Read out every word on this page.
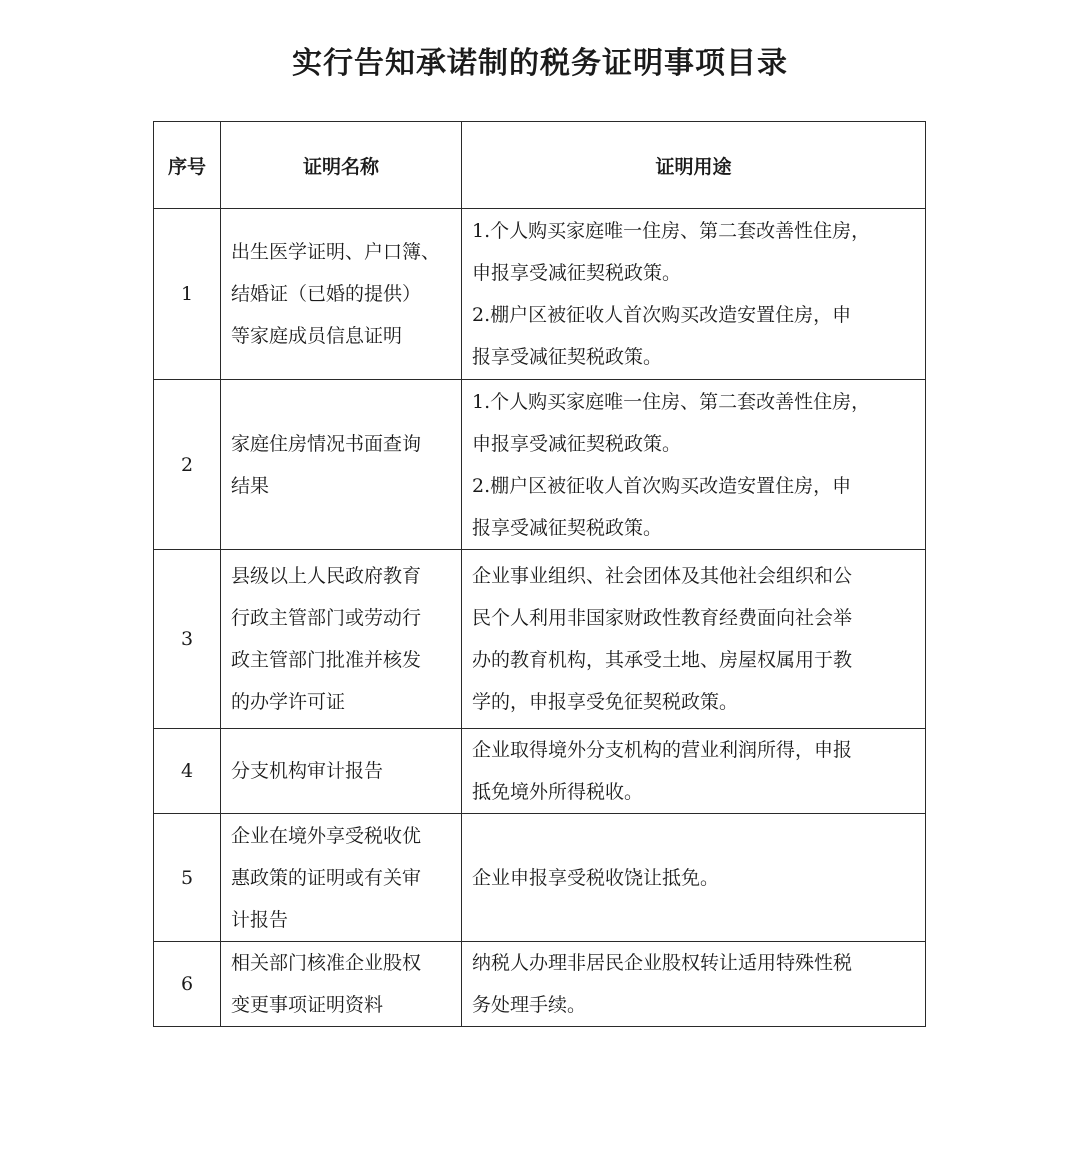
实行告知承诺制的税务证明事项目录
序号	证明名称	证明用途
1	出生医学证明、户口簿、
结婚证（已婚的提供）
等家庭成员信息证明	1.个人购买家庭唯一住房、第二套改善性住房，
申报享受减征契税政策。
2.棚户区被征收人首次购买改造安置住房，申
报享受减征契税政策。

2	家庭住房情况书面查询
结果	1.个人购买家庭唯一住房、第二套改善性住房，
申报享受减征契税政策。
2.棚户区被征收人首次购买改造安置住房，申
报享受减征契税政策。

3	县级以上人民政府教育
行政主管部门或劳动行
政主管部门批准并核发
的办学许可证	企业事业组织、社会团体及其他社会组织和公
民个人利用非国家财政性教育经费面向社会举
办的教育机构，其承受土地、房屋权属用于教
学的，申报享受免征契税政策。

4	分支机构审计报告	企业取得境外分支机构的营业利润所得，申报
抵免境外所得税收。

5	企业在境外享受税收优
惠政策的证明或有关审
计报告	企业申报享受税收饶让抵免。

6	相关部门核准企业股权
变更事项证明资料	纳税人办理非居民企业股权转让适用特殊性税
务处理手续。
